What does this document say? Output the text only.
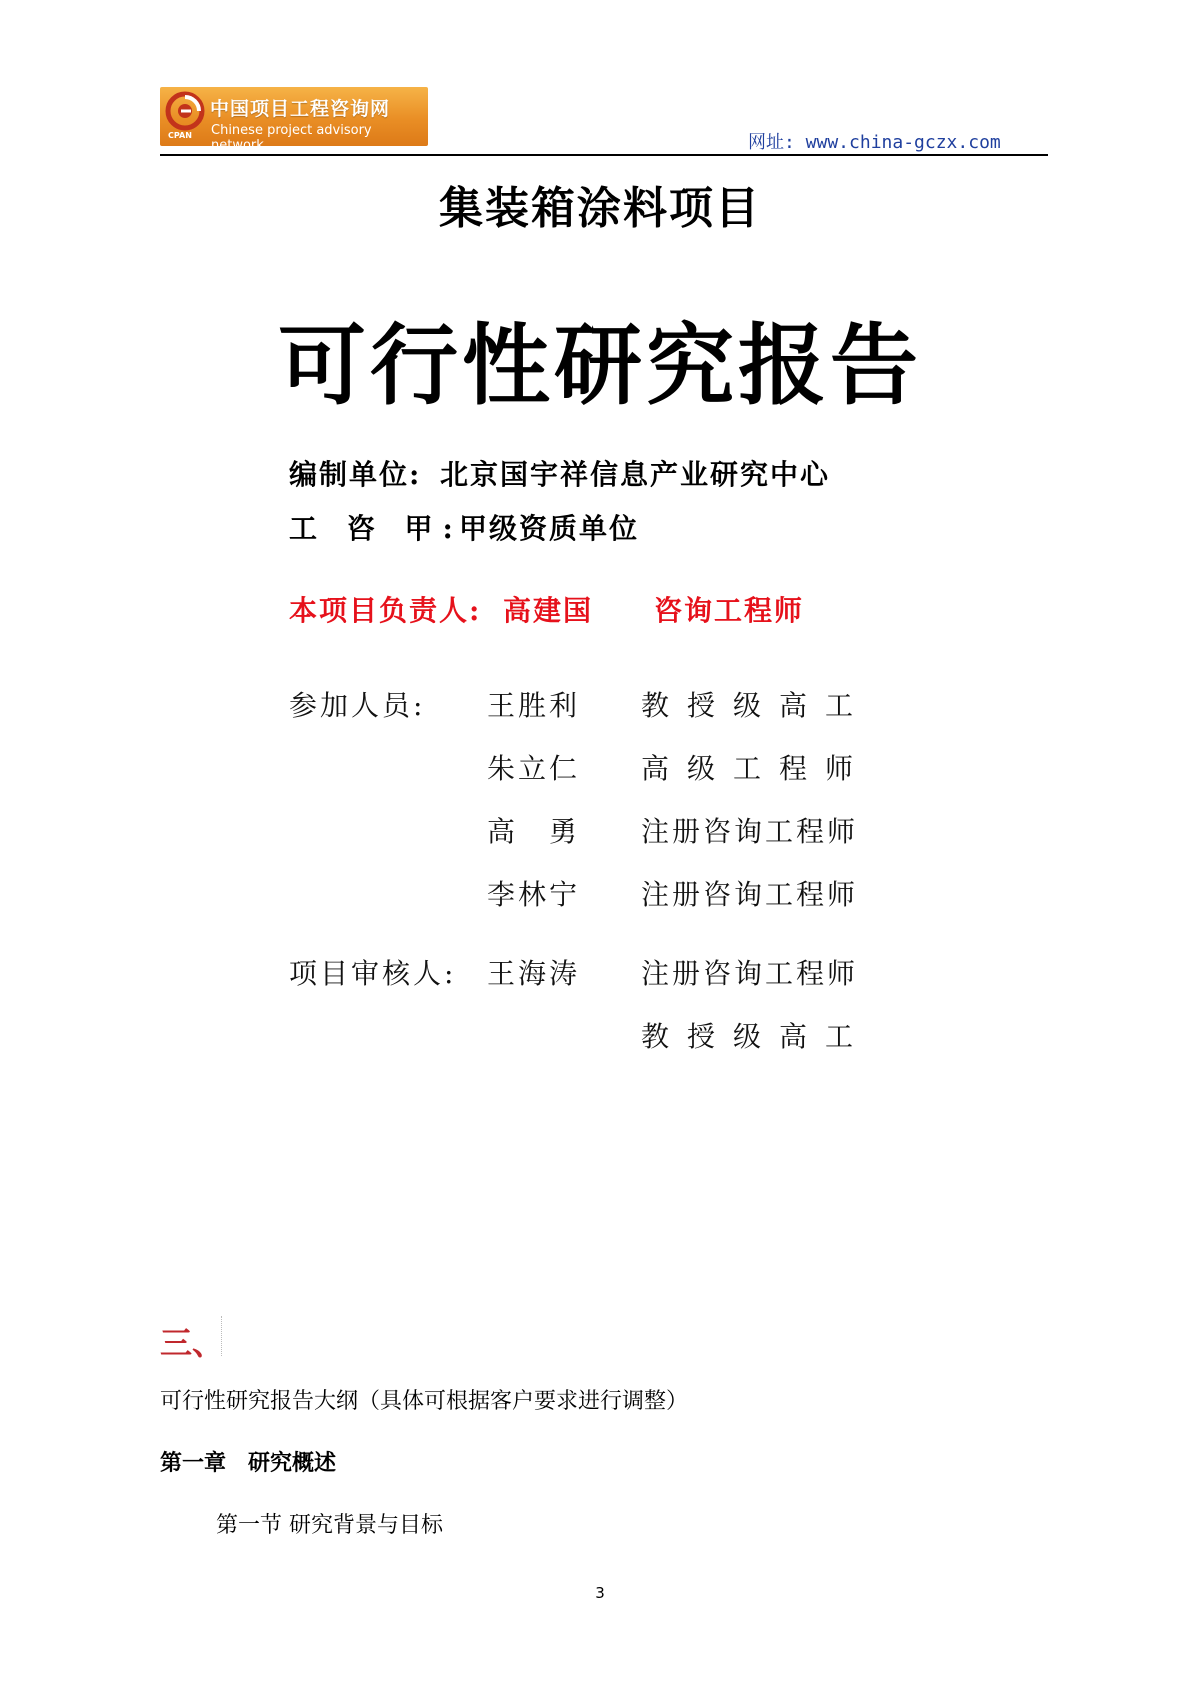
CPAN
中国项目工程咨询网
Chinese project advisory network	网址: www.china-gczx.com
集装箱涂料项目
可行性研究报告
编制单位: 北京国宇祥信息产业研究中心
工 咨 甲:
甲级资质单位
本项目负责人: 高建国 咨询工程师
参加人员: 王胜利 教授级高工
朱立仁 高级工程师
高　勇 注册咨询工程师
李林宁 注册咨询工程师
项目审核人: 王海涛 注册咨询工程师
教授级高工
三、
可行性研究报告大纲（具体可根据客户要求进行调整）
第一章　研究概述
第一节 研究背景与目标
3
